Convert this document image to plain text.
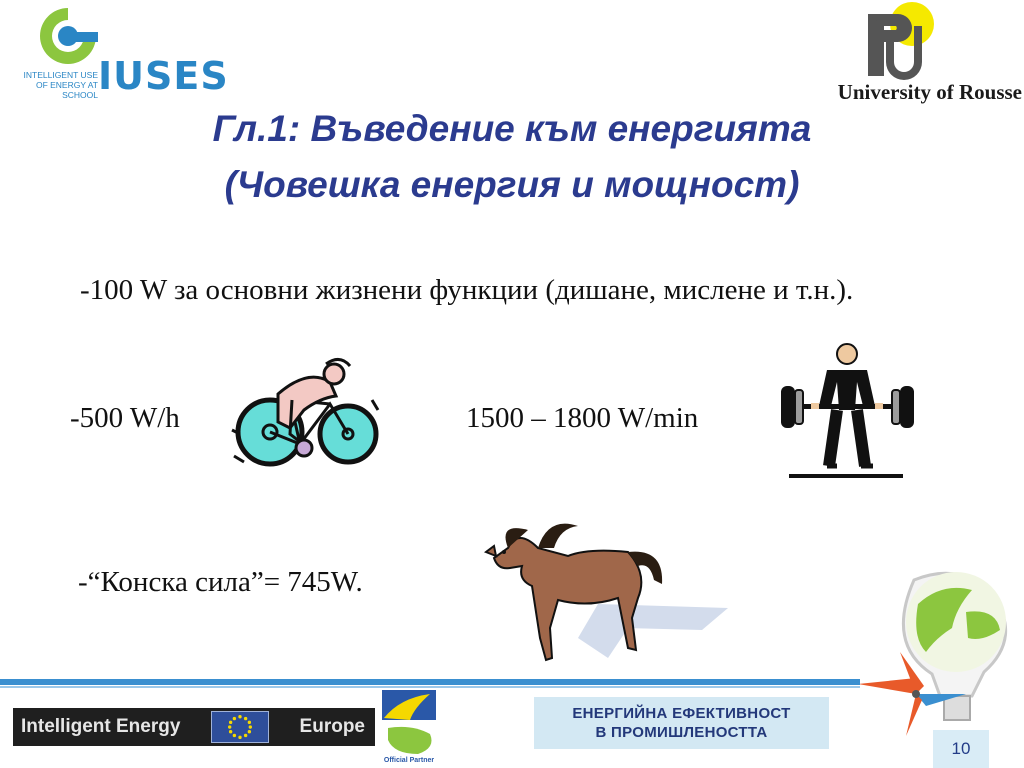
INTELLIGENT USE
OF ENERGY AT SCHOOL IUSES	University of Rousse
Гл.1: Въведение към енергията
(Човешка енергия и мощност)
-100 W за основни жизнени функции (дишане, мислене и т.н.).
-500 W/h	1500 – 1800 W/min
-“Конска сила”= 745W.
Intelligent Energy	Europe
Official Partner
ЕНЕРГИЙНА ЕФЕКТИВНОСТ
В ПРОМИШЛЕНОСТТА
10
